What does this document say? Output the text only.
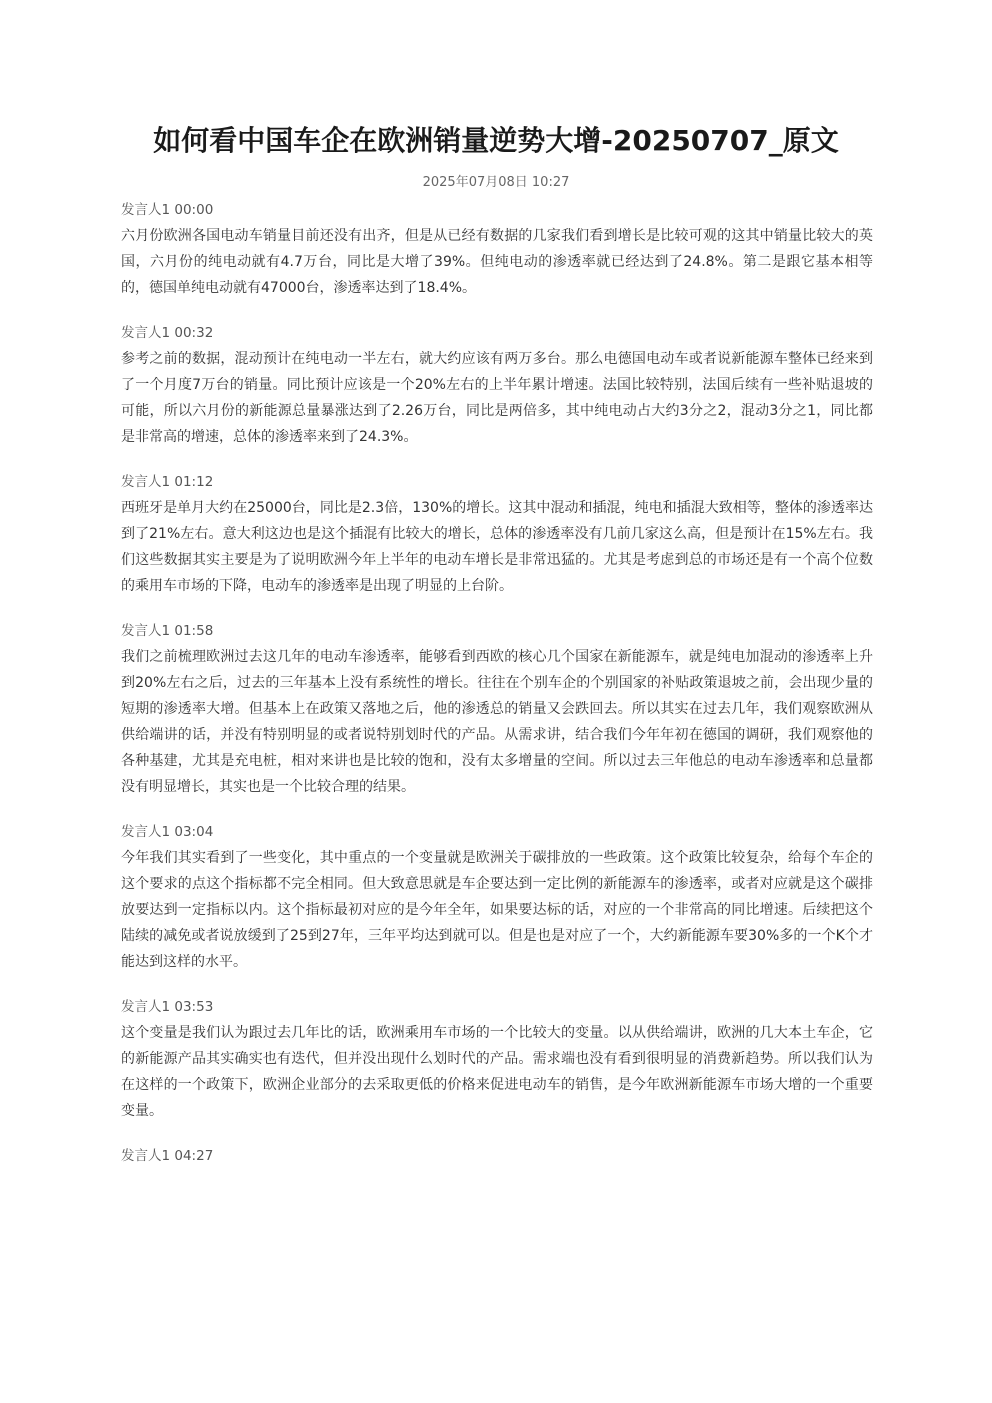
如何看中国车企在欧洲销量逆势大增-20250707_原文
2025年07月08日 10:27
发言人1 00:00

六月份欧洲各国电动车销量目前还没有出齐，但是从已经有数据的几家我们看到增长是比较可观的这其中销量比较大的英国，六月份的纯电动就有4.7万台，同比是大增了39%。但纯电动的渗透率就已经达到了24.8%。第二是跟它基本相等的，德国单纯电动就有47000台，渗透率达到了18.4%。

发言人1 00:32

参考之前的数据，混动预计在纯电动一半左右，就大约应该有两万多台。那么电德国电动车或者说新能源车整体已经来到了一个月度7万台的销量。同比预计应该是一个20%左右的上半年累计增速。法国比较特别，法国后续有一些补贴退坡的可能，所以六月份的新能源总量暴涨达到了2.26万台，同比是两倍多，其中纯电动占大约3分之2，混动3分之1，同比都是非常高的增速，总体的渗透率来到了24.3%。

发言人1 01:12

西班牙是单月大约在25000台，同比是2.3倍，130%的增长。这其中混动和插混，纯电和插混大致相等，整体的渗透率达到了21%左右。意大利这边也是这个插混有比较大的增长，总体的渗透率没有几前几家这么高，但是预计在15%左右。我们这些数据其实主要是为了说明欧洲今年上半年的电动车增长是非常迅猛的。尤其是考虑到总的市场还是有一个高个位数的乘用车市场的下降，电动车的渗透率是出现了明显的上台阶。

发言人1 01:58

我们之前梳理欧洲过去这几年的电动车渗透率，能够看到西欧的核心几个国家在新能源车，就是纯电加混动的渗透率上升到20%左右之后，过去的三年基本上没有系统性的增长。往往在个别车企的个别国家的补贴政策退坡之前，会出现少量的短期的渗透率大增。但基本上在政策又落地之后，他的渗透总的销量又会跌回去。所以其实在过去几年，我们观察欧洲从供给端讲的话，并没有特别明显的或者说特别划时代的产品。从需求讲，结合我们今年年初在德国的调研，我们观察他的各种基建，尤其是充电桩，相对来讲也是比较的饱和，没有太多增量的空间。所以过去三年他总的电动车渗透率和总量都没有明显增长，其实也是一个比较合理的结果。

发言人1 03:04

今年我们其实看到了一些变化，其中重点的一个变量就是欧洲关于碳排放的一些政策。这个政策比较复杂，给每个车企的这个要求的点这个指标都不完全相同。但大致意思就是车企要达到一定比例的新能源车的渗透率，或者对应就是这个碳排放要达到一定指标以内。这个指标最初对应的是今年全年，如果要达标的话，对应的一个非常高的同比增速。后续把这个陆续的减免或者说放缓到了25到27年，三年平均达到就可以。但是也是对应了一个，大约新能源车要30%多的一个K个才能达到这样的水平。

发言人1 03:53

这个变量是我们认为跟过去几年比的话，欧洲乘用车市场的一个比较大的变量。以从供给端讲，欧洲的几大本土车企，它的新能源产品其实确实也有迭代，但并没出现什么划时代的产品。需求端也没有看到很明显的消费新趋势。所以我们认为在这样的一个政策下，欧洲企业部分的去采取更低的价格来促进电动车的销售，是今年欧洲新能源车市场大增的一个重要变量。

发言人1 04:27
